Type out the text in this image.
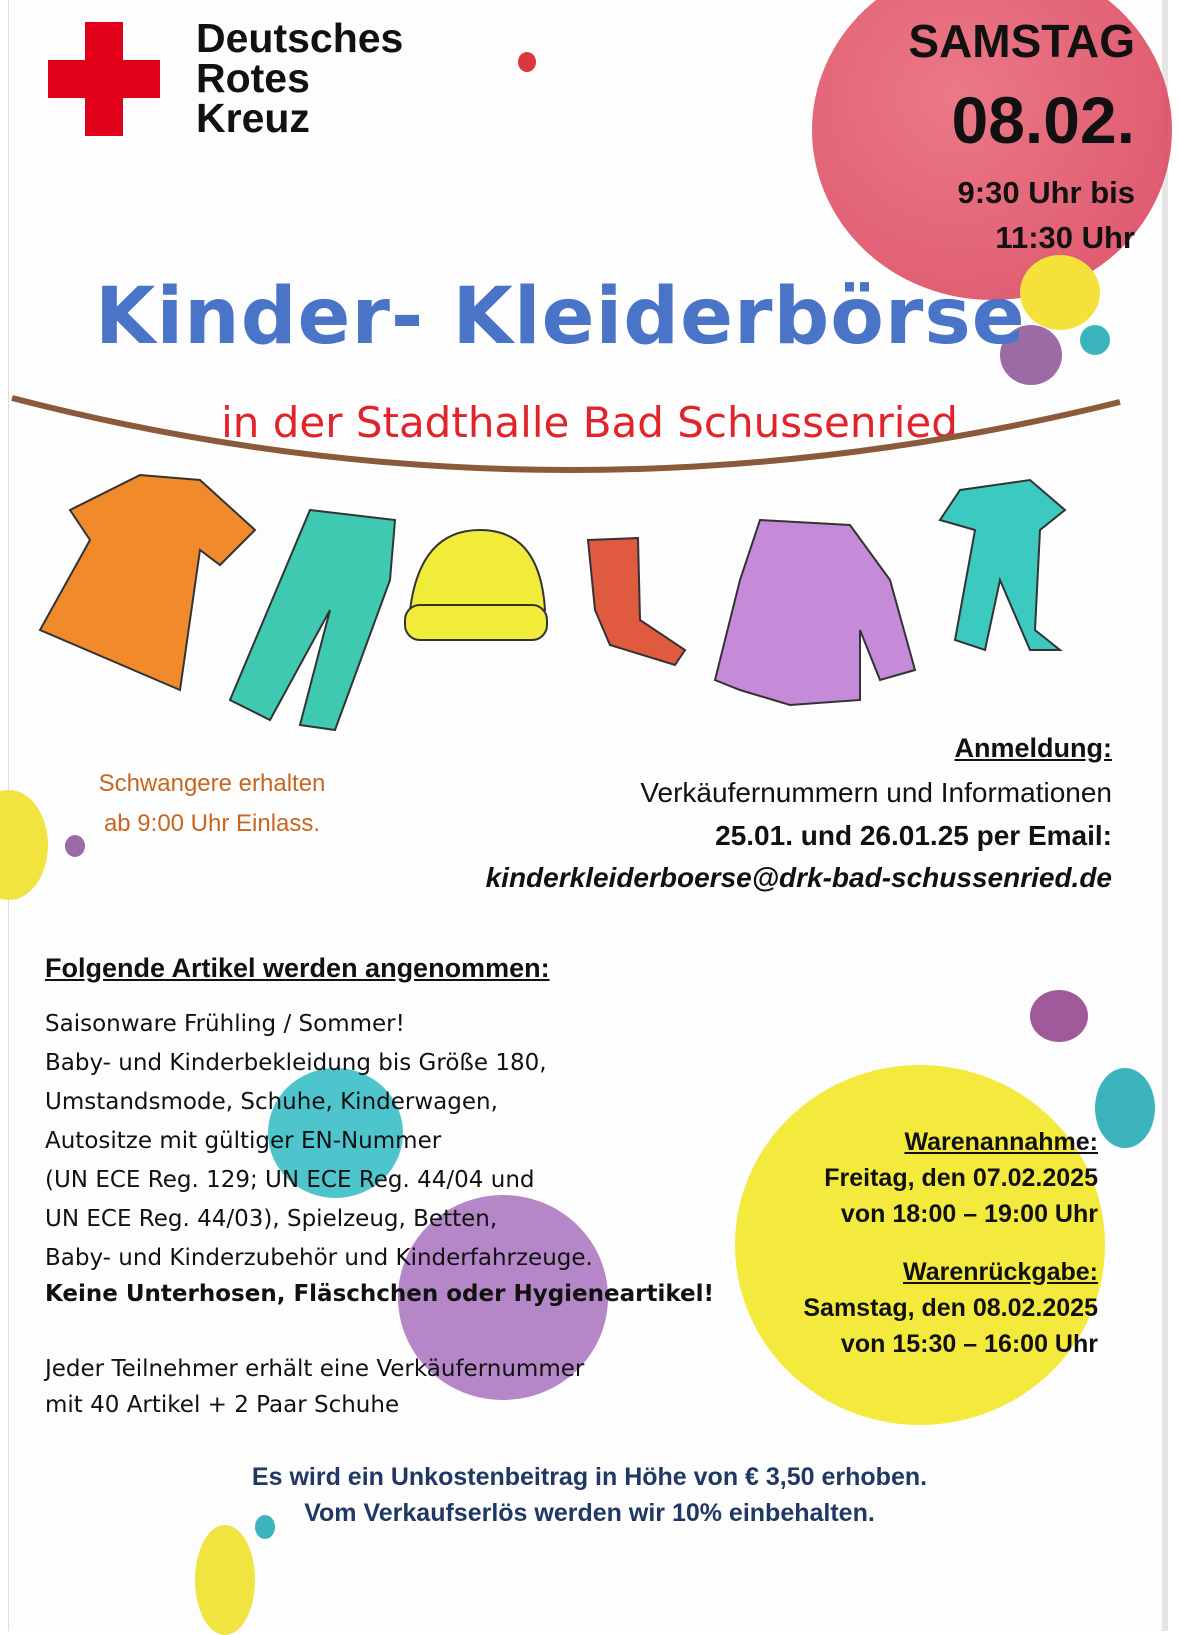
Deutsches
Rotes
Kreuz
SAMSTAG
08.02.
9:30 Uhr bis
11:30 Uhr
Kinder- Kleiderbörse
in der Stadthalle Bad Schussenried
Schwangere erhalten
ab 9:00 Uhr Einlass.
Anmeldung:
Verkäufernummern und Informationen
25.01. und 26.01.25 per Email:
kinderkleiderboerse@drk-bad-schussenried.de
Folgende Artikel werden angenommen:
Saisonware Frühling / Sommer!
Baby- und Kinderbekleidung bis Größe 180,
Umstandsmode, Schuhe, Kinderwagen,
Autositze mit gültiger EN-Nummer
(UN ECE Reg. 129; UN ECE Reg. 44/04 und
UN ECE Reg. 44/03), Spielzeug, Betten,
Baby- und Kinderzubehör und Kinderfahrzeuge.
Keine Unterhosen, Fläschchen oder Hygieneartikel!
Jeder Teilnehmer erhält eine Verkäufernummer
mit 40 Artikel + 2 Paar Schuhe
Warenannahme:
Freitag, den 07.02.2025
von 18:00 – 19:00 Uhr
Warenrückgabe:
Samstag, den 08.02.2025
von 15:30 – 16:00 Uhr
Es wird ein Unkostenbeitrag in Höhe von € 3,50 erhoben.
Vom Verkaufserlös werden wir 10% einbehalten.
